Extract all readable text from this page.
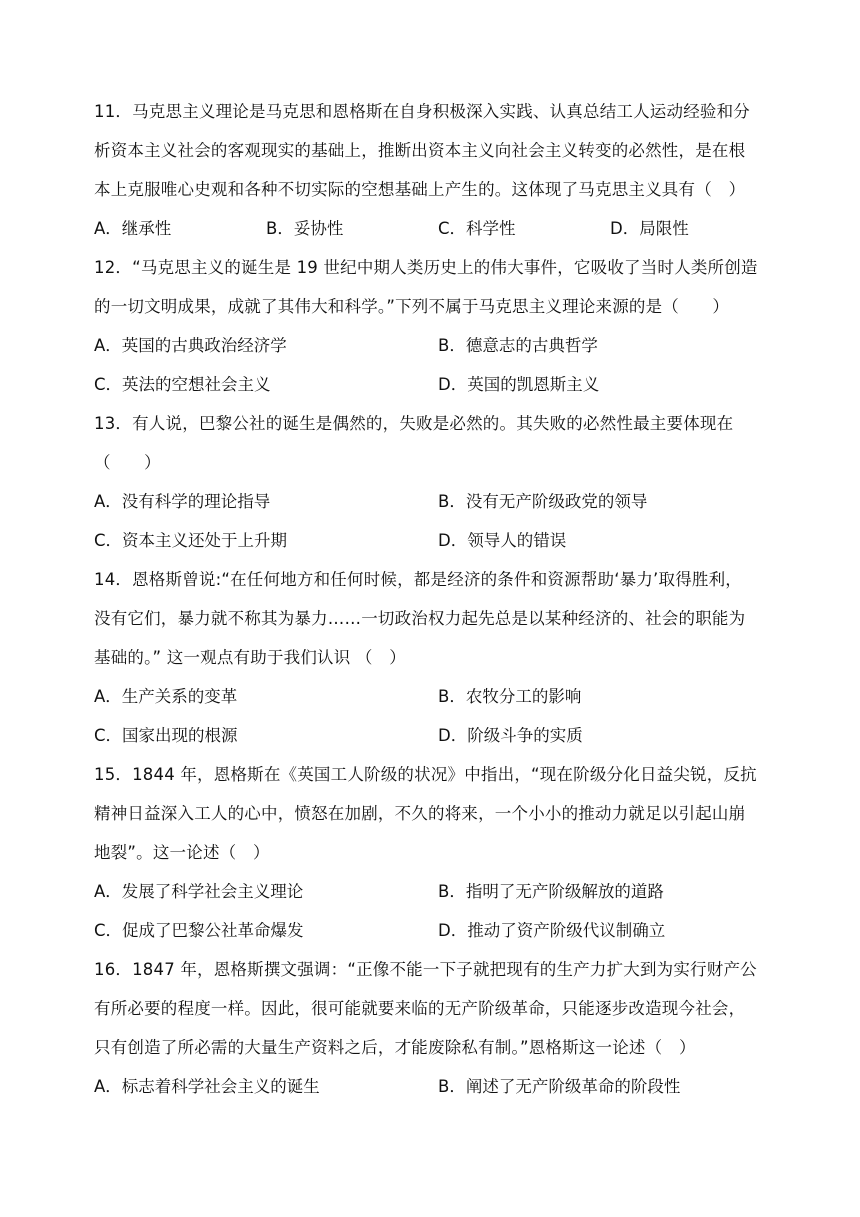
11．马克思主义理论是马克思和恩格斯在自身积极深入实践、认真总结工人运动经验和分
析资本主义社会的客观现实的基础上，推断出资本主义向社会主义转变的必然性，是在根
本上克服唯心史观和各种不切实际的空想基础上产生的。这体现了马克思主义具有（　）
A．继承性	B．妥协性	C．科学性	D．局限性
12．“马克思主义的诞生是 19 世纪中期人类历史上的伟大事件，它吸收了当时人类所创造
的一切文明成果，成就了其伟大和科学。”下列不属于马克思主义理论来源的是（　　）
A．英国的古典政治经济学	B．德意志的古典哲学
C．英法的空想社会主义	D．英国的凯恩斯主义
13．有人说，巴黎公社的诞生是偶然的，失败是必然的。其失败的必然性最主要体现在
（　　）
A．没有科学的理论指导	B．没有无产阶级政党的领导
C．资本主义还处于上升期	D．领导人的错误
14．恩格斯曾说:“在任何地方和任何时候，都是经济的条件和资源帮助‘暴力’取得胜利，
没有它们，暴力就不称其为暴力……一切政治权力起先总是以某种经济的、社会的职能为
基础的。” 这一观点有助于我们认识 （　）
A．生产关系的变革	B．农牧分工的影响
C．国家出现的根源	D．阶级斗争的实质
15．1844 年，恩格斯在《英国工人阶级的状况》中指出，“现在阶级分化日益尖锐，反抗
精神日益深入工人的心中，愤怒在加剧，不久的将来，一个小小的推动力就足以引起山崩
地裂”。这一论述（　）
A．发展了科学社会主义理论	B．指明了无产阶级解放的道路
C．促成了巴黎公社革命爆发	D．推动了资产阶级代议制确立
16．1847 年，恩格斯撰文强调：“正像不能一下子就把现有的生产力扩大到为实行财产公
有所必要的程度一样。因此，很可能就要来临的无产阶级革命，只能逐步改造现今社会，
只有创造了所必需的大量生产资料之后，才能废除私有制。”恩格斯这一论述（　）
A．标志着科学社会主义的诞生	B．阐述了无产阶级革命的阶段性
